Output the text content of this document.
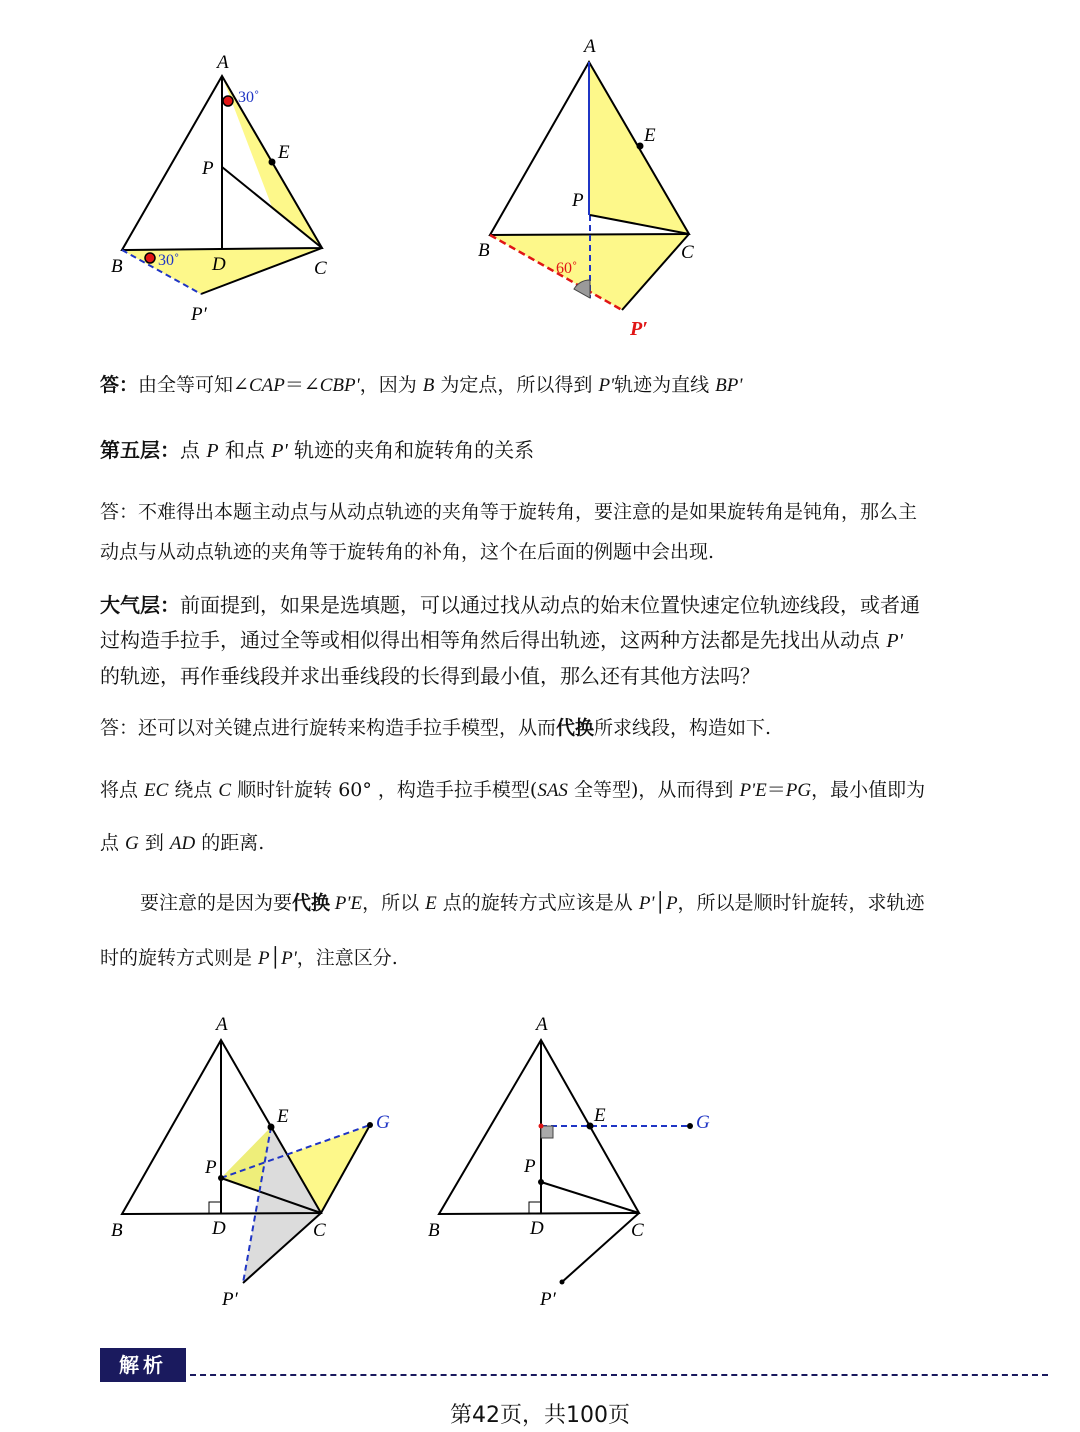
A
E
P
B	D	C
P′
30˚
30˚
A
E
P
B	C
P′
60˚
答：由全等可知∠CAP＝∠CBP'，因为 B 为定点，所以得到 P'轨迹为直线 BP'
第五层：点 P 和点 P' 轨迹的夹角和旋转角的关系
答：不难得出本题主动点与从动点轨迹的夹角等于旋转角，要注意的是如果旋转角是钝角，那么主
动点与从动点轨迹的夹角等于旋转角的补角，这个在后面的例题中会出现.
大气层：前面提到，如果是选填题，可以通过找从动点的始末位置快速定位轨迹线段，或者通
过构造手拉手，通过全等或相似得出相等角然后得出轨迹，这两种方法都是先找出从动点 P'
的轨迹，再作垂线段并求出垂线段的长得到最小值，那么还有其他方法吗？
答：还可以对关键点进行旋转来构造手拉手模型，从而代换所求线段，构造如下.
将点 EC 绕点 C 顺时针旋转 60° ，构造手拉手模型(SAS 全等型)，从而得到 P'E＝PG，最小值即为
点 G 到 AD 的距离.
要注意的是因为要代换 P'E，所以 E 点的旋转方式应该是从 P'│P，所以是顺时针旋转，求轨迹
时的旋转方式则是 P│P'，注意区分.
A
E	G
P
B	D	C
P′
A
E	G
P
B	D	C
P′
解析
第42页，共100页
